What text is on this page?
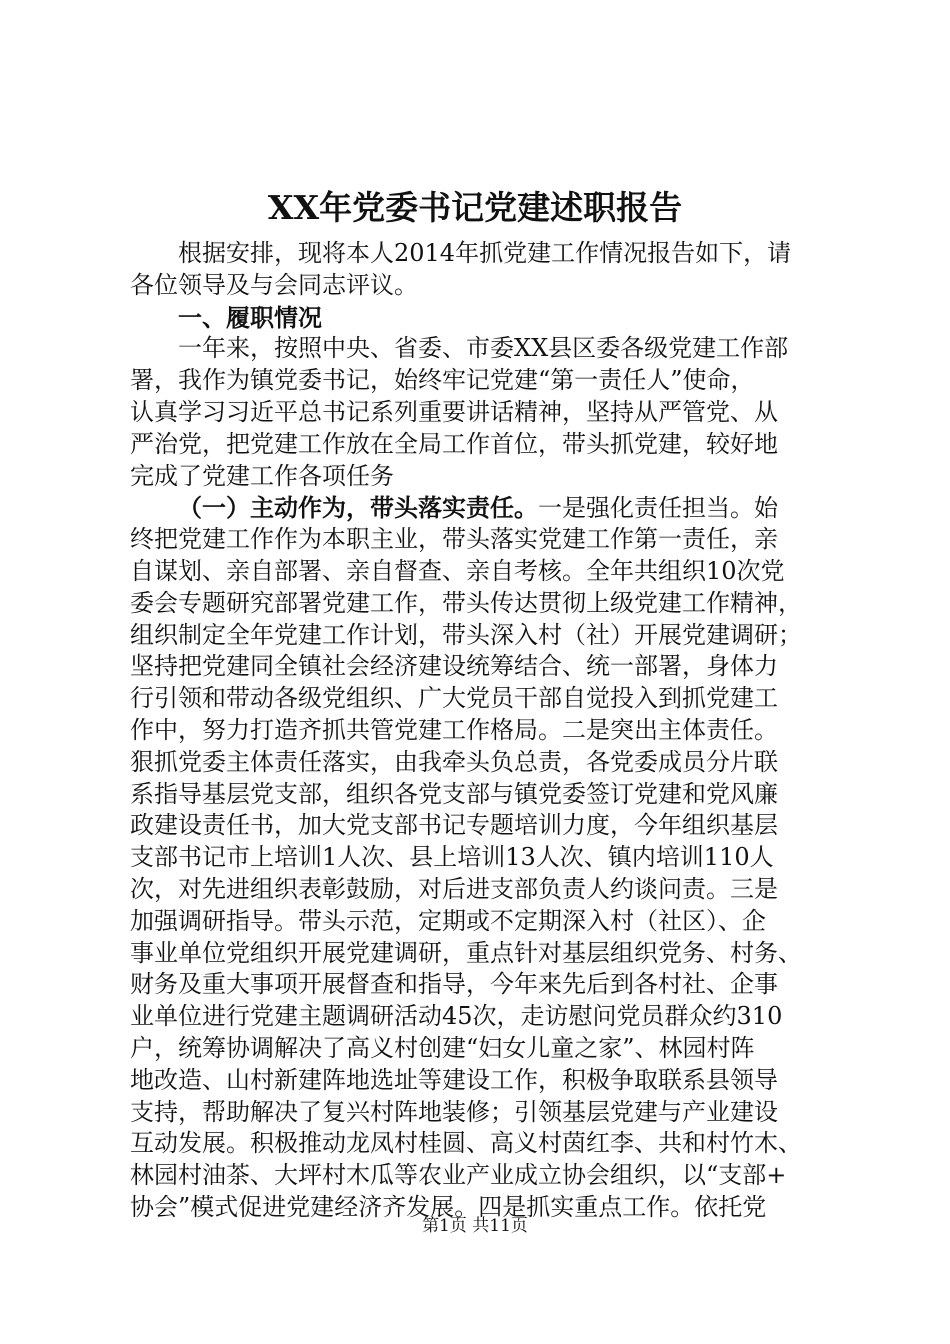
XX年党委书记党建述职报告
根据安排，现将本人2014年抓党建工作情况报告如下，请
各位领导及与会同志评议。
一、履职情况
一年来，按照中央、省委、市委XX县区委各级党建工作部
署，我作为镇党委书记，始终牢记党建“第一责任人”使命，
认真学习习近平总书记系列重要讲话精神，坚持从严管党、从
严治党，把党建工作放在全局工作首位，带头抓党建，较好地
完成了党建工作各项任务
（一）主动作为，带头落实责任。一是强化责任担当。始
终把党建工作作为本职主业，带头落实党建工作第一责任，亲
自谋划、亲自部署、亲自督查、亲自考核。全年共组织10次党
委会专题研究部署党建工作，带头传达贯彻上级党建工作精神，
组织制定全年党建工作计划，带头深入村（社）开展党建调研；
坚持把党建同全镇社会经济建设统筹结合、统一部署，身体力
行引领和带动各级党组织、广大党员干部自觉投入到抓党建工
作中，努力打造齐抓共管党建工作格局。二是突出主体责任。
狠抓党委主体责任落实，由我牵头负总责，各党委成员分片联
系指导基层党支部，组织各党支部与镇党委签订党建和党风廉
政建设责任书，加大党支部书记专题培训力度，今年组织基层
支部书记市上培训1人次、县上培训13人次、镇内培训110人
次，对先进组织表彰鼓励，对后进支部负责人约谈问责。三是
加强调研指导。带头示范，定期或不定期深入村（社区）、企
事业单位党组织开展党建调研，重点针对基层组织党务、村务、
财务及重大事项开展督查和指导，今年来先后到各村社、企事
业单位进行党建主题调研活动45次，走访慰问党员群众约310
户，统筹协调解决了高义村创建“妇女儿童之家”、林园村阵
地改造、山村新建阵地选址等建设工作，积极争取联系县领导
支持，帮助解决了复兴村阵地装修；引领基层党建与产业建设
互动发展。积极推动龙凤村桂圆、高义村茵红李、共和村竹木、
林园村油茶、大坪村木瓜等农业产业成立协会组织，以“支部+
协会”模式促进党建经济齐发展。四是抓实重点工作。依托党
第1页 共11页
